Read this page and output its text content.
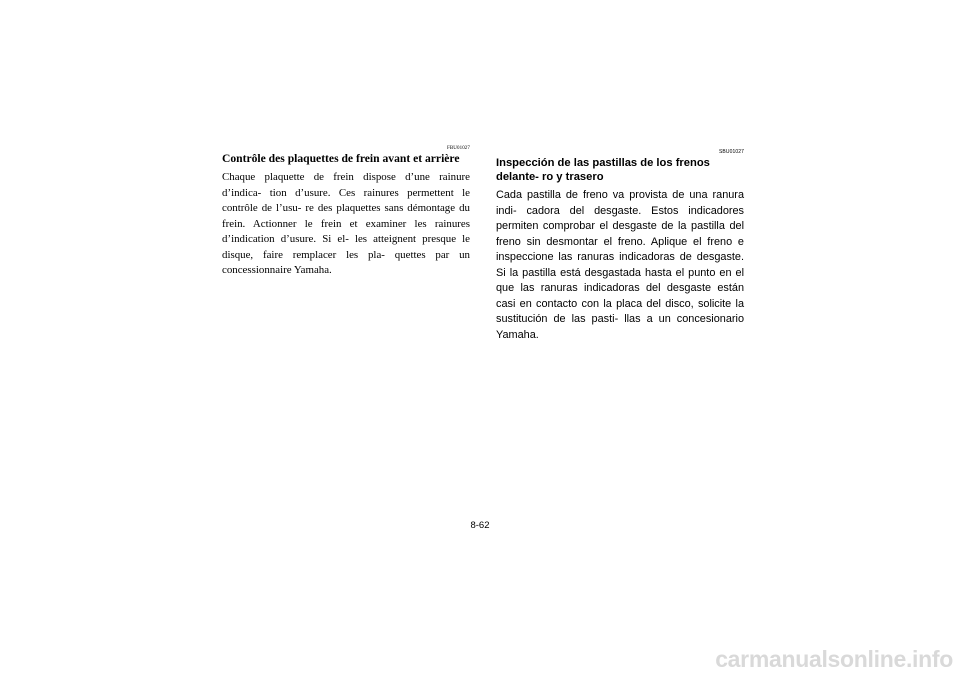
FBU01027
Contrôle des plaquettes de frein avant et arrière

Chaque plaquette de frein dispose d’une rainure d’indica- tion d’usure. Ces rainures permettent le contrôle de l’usu- re des plaquettes sans démontage du frein. Actionner le frein et examiner les rainures d’indication d’usure. Si el- les atteignent presque le disque, faire remplacer les pla- quettes par un concessionnaire Yamaha.

SBU01027
Inspección de las pastillas de los frenos delante- ro y trasero

Cada pastilla de freno va provista de una ranura indi- cadora del desgaste. Estos indicadores permiten comprobar el desgaste de la pastilla del freno sin desmontar el freno. Aplique el freno e inspeccione las ranuras indicadoras de desgaste. Si la pastilla está desgastada hasta el punto en el que las ranuras indicadoras del desgaste están casi en contacto con la placa del disco, solicite la sustitución de las pasti- llas a un concesionario Yamaha.

8-62
carmanualsonline.info
